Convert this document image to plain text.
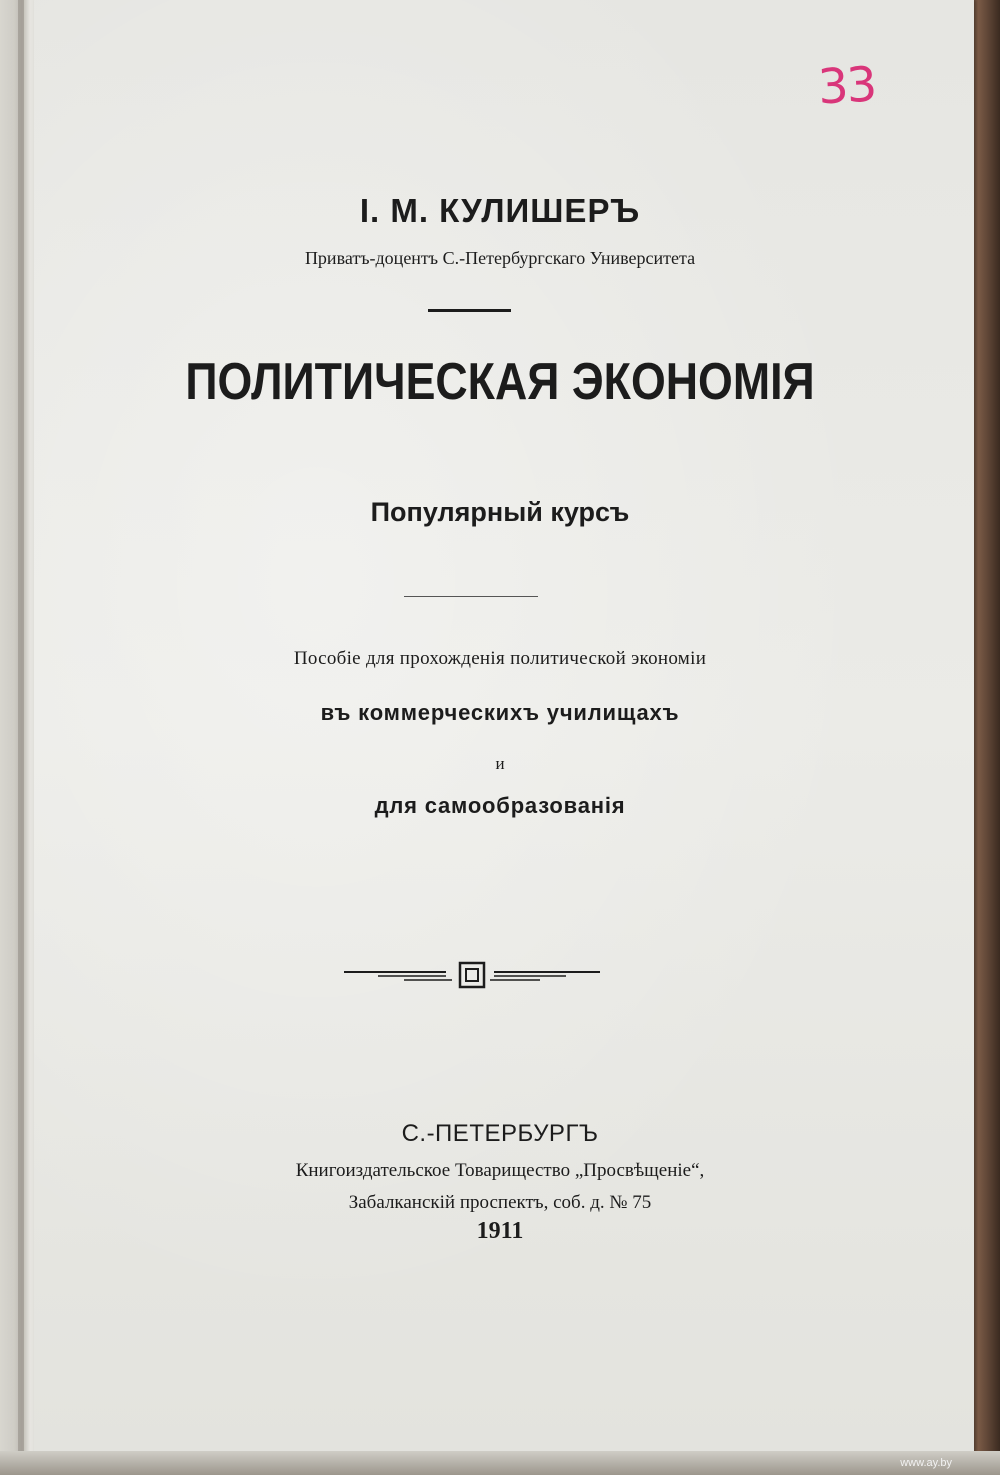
33
I. М. КУЛИШЕРЪ
Приватъ-доцентъ С.-Петербургскаго Университета
ПОЛИТИЧЕСКАЯ ЭКОНОМІЯ
Популярный курсъ
Пособіе для прохожденія политической экономіи
въ коммерческихъ училищахъ
и
для самообразованія
С.-ПЕТЕРБУРГЪ
Книгоиздательское Товарищество „Просвѣщеніе“,
Забалканскій проспектъ, соб. д. № 75
1911
www.ay.by
